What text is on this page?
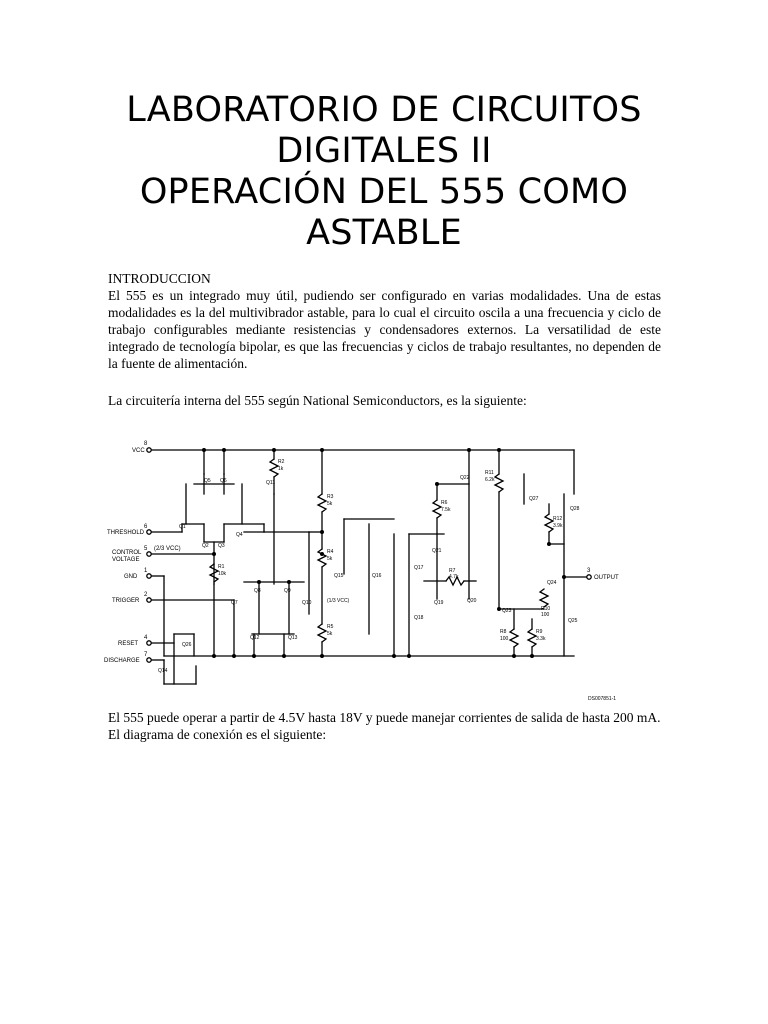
LABORATORIO DE CIRCUITOS
DIGITALES II
OPERACIÓN DEL 555 COMO
ASTABLE

INTRODUCCION

El 555 es un integrado muy útil, pudiendo ser configurado en varias modalidades. Una de estas modalidades es la del multivibrador astable, para lo cual el circuito oscila a una frecuencia y ciclo de trabajo configurables mediante resistencias y condensadores externos. La versatilidad de este integrado de tecnología bipolar, es que las frecuencias y ciclos de trabajo resultantes, no dependen de la fuente de alimentación.

La circuitería interna del 555 según National Semiconductors, es la siguiente:

8
VCC
6
THRESHOLD
5 (2/3 VCC)
CONTROL
VOLTAGE
1
GND
2
TRIGGER
4
RESET
7
DISCHARGE
3
OUTPUT
Q1
Q2 Q3
Q4
Q5 Q6
Q7
Q8	Q9
Q10
Q11
Q12	Q13
Q14
Q15	Q16
Q17
Q18
Q19	Q20
Q21
Q22
Q23
Q24
Q25
Q26
Q27
Q28
R1
10k
R2
1k
R3
5k
R4
5k
R5
5k
R6
7.5k
R7
4.7k
R8
100
R9
3.3k
R10
100
R11
6.2k
R12
3.9k
(1/3 VCC)
DS007851-1

El 555 puede operar a partir de 4.5V hasta 18V y puede manejar corrientes de salida de hasta 200 mA.

El diagrama de conexión es el siguiente:
